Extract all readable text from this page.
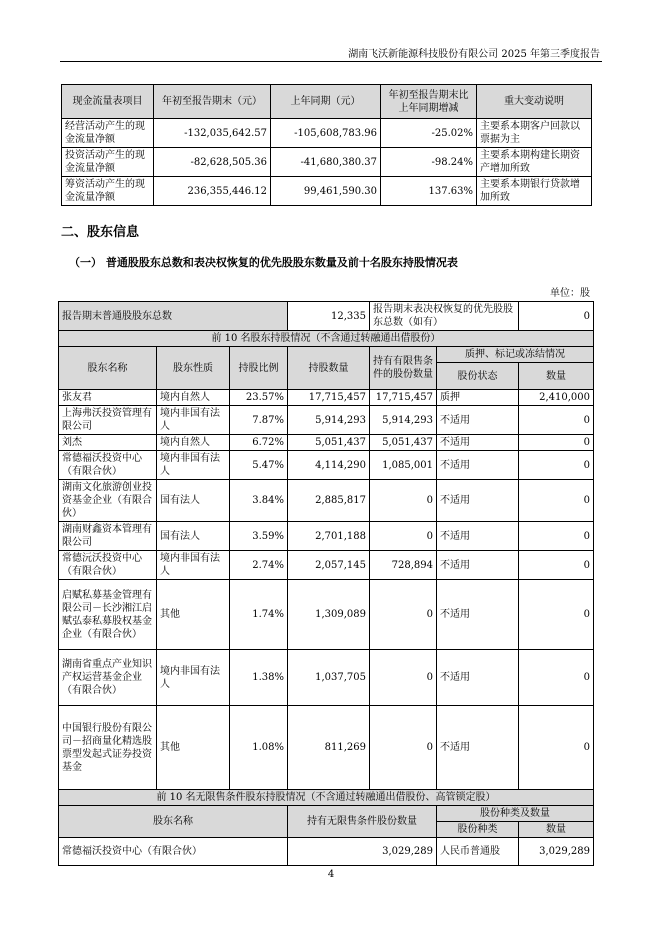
湖南飞沃新能源科技股份有限公司 2025 年第三季度报告
现金流量表项目	年初至报告期末（元）	上年同期（元）	年初至报告期末比上年同期增减	重大变动说明
经营活动产生的现金流量净额	-132,035,642.57	-105,608,783.96	-25.02%	主要系本期客户回款以票据为主
投资活动产生的现金流量净额	-82,628,505.36	-41,680,380.37	-98.24%	主要系本期构建长期资产增加所致
筹资活动产生的现金流量净额	236,355,446.12	99,461,590.30	137.63%	主要系本期银行贷款增加所致
二、股东信息
（一） 普通股股东总数和表决权恢复的优先股股东数量及前十名股东持股情况表
单位：股
报告期末普通股股东总数			12,335	报告期末表决权恢复的优先股股东总数（如有）		0
前 10 名股东持股情况（不含通过转融通出借股份）						
股东名称	股东性质	持股比例	持股数量	持有有限售条件的股份数量	质押、标记或冻结情况	
					股份状态	数量
张友君	境内自然人	23.57%	17,715,457	17,715,457	质押	2,410,000
上海弗沃投资管理有限公司	境内非国有法人	7.87%	5,914,293	5,914,293	不适用	0
刘杰	境内自然人	6.72%	5,051,437	5,051,437	不适用	0
常德福沃投资中心（有限合伙）	境内非国有法人	5.47%	4,114,290	1,085,001	不适用	0
湖南文化旅游创业投资基金企业（有限合伙）	国有法人	3.84%	2,885,817	0	不适用	0
湖南财鑫资本管理有限公司	国有法人	3.59%	2,701,188	0	不适用	0
常德沅沃投资中心（有限合伙）	境内非国有法人	2.74%	2,057,145	728,894	不适用	0
启赋私募基金管理有限公司－长沙湘江启赋弘泰私募股权基金企业（有限合伙）	其他	1.74%	1,309,089	0	不适用	0
湖南省重点产业知识产权运营基金企业（有限合伙）	境内非国有法人	1.38%	1,037,705	0	不适用	0
中国银行股份有限公司－招商量化精选股票型发起式证券投资基金	其他	1.08%	811,269	0	不适用	0
前 10 名无限售条件股东持股情况（不含通过转融通出借股份、高管锁定股）						
股东名称			持有无限售条件股份数量		股份种类及数量	
					股份种类	数量
常德福沃投资中心（有限合伙）			3,029,289		人民币普通股	3,029,289
4
